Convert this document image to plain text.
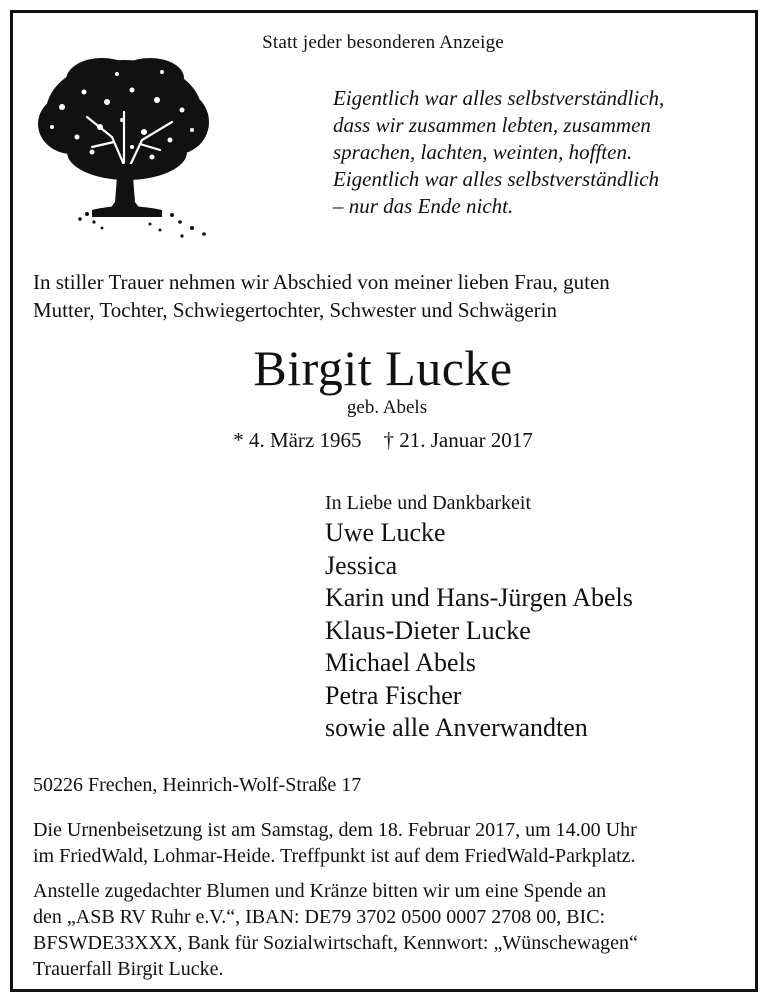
Statt jeder besonderen Anzeige
Eigentlich war alles selbstverständlich,
dass wir zusammen lebten, zusammen
sprachen, lachten, weinten, hofften.
Eigentlich war alles selbstverständlich
– nur das Ende nicht.
In stiller Trauer nehmen wir Abschied von meiner lieben Frau, guten
Mutter, Tochter, Schwiegertochter, Schwester und Schwägerin
Birgit Lucke
geb. Abels
* 4. März 1965 † 21. Januar 2017
In Liebe und Dankbarkeit
Uwe Lucke
Jessica
Karin und Hans-Jürgen Abels
Klaus-Dieter Lucke
Michael Abels
Petra Fischer
sowie alle Anverwandten
50226 Frechen, Heinrich-Wolf-Straße 17
Die Urnenbeisetzung ist am Samstag, dem 18. Februar 2017, um 14.00 Uhr
im FriedWald, Lohmar-Heide. Treffpunkt ist auf dem FriedWald-Parkplatz.
Anstelle zugedachter Blumen und Kränze bitten wir um eine Spende an
den „ASB RV Ruhr e.V.“, IBAN: DE79 3702 0500 0007 2708 00, BIC:
BFSWDE33XXX, Bank für Sozialwirtschaft, Kennwort: „Wünschewagen“
Trauerfall Birgit Lucke.
